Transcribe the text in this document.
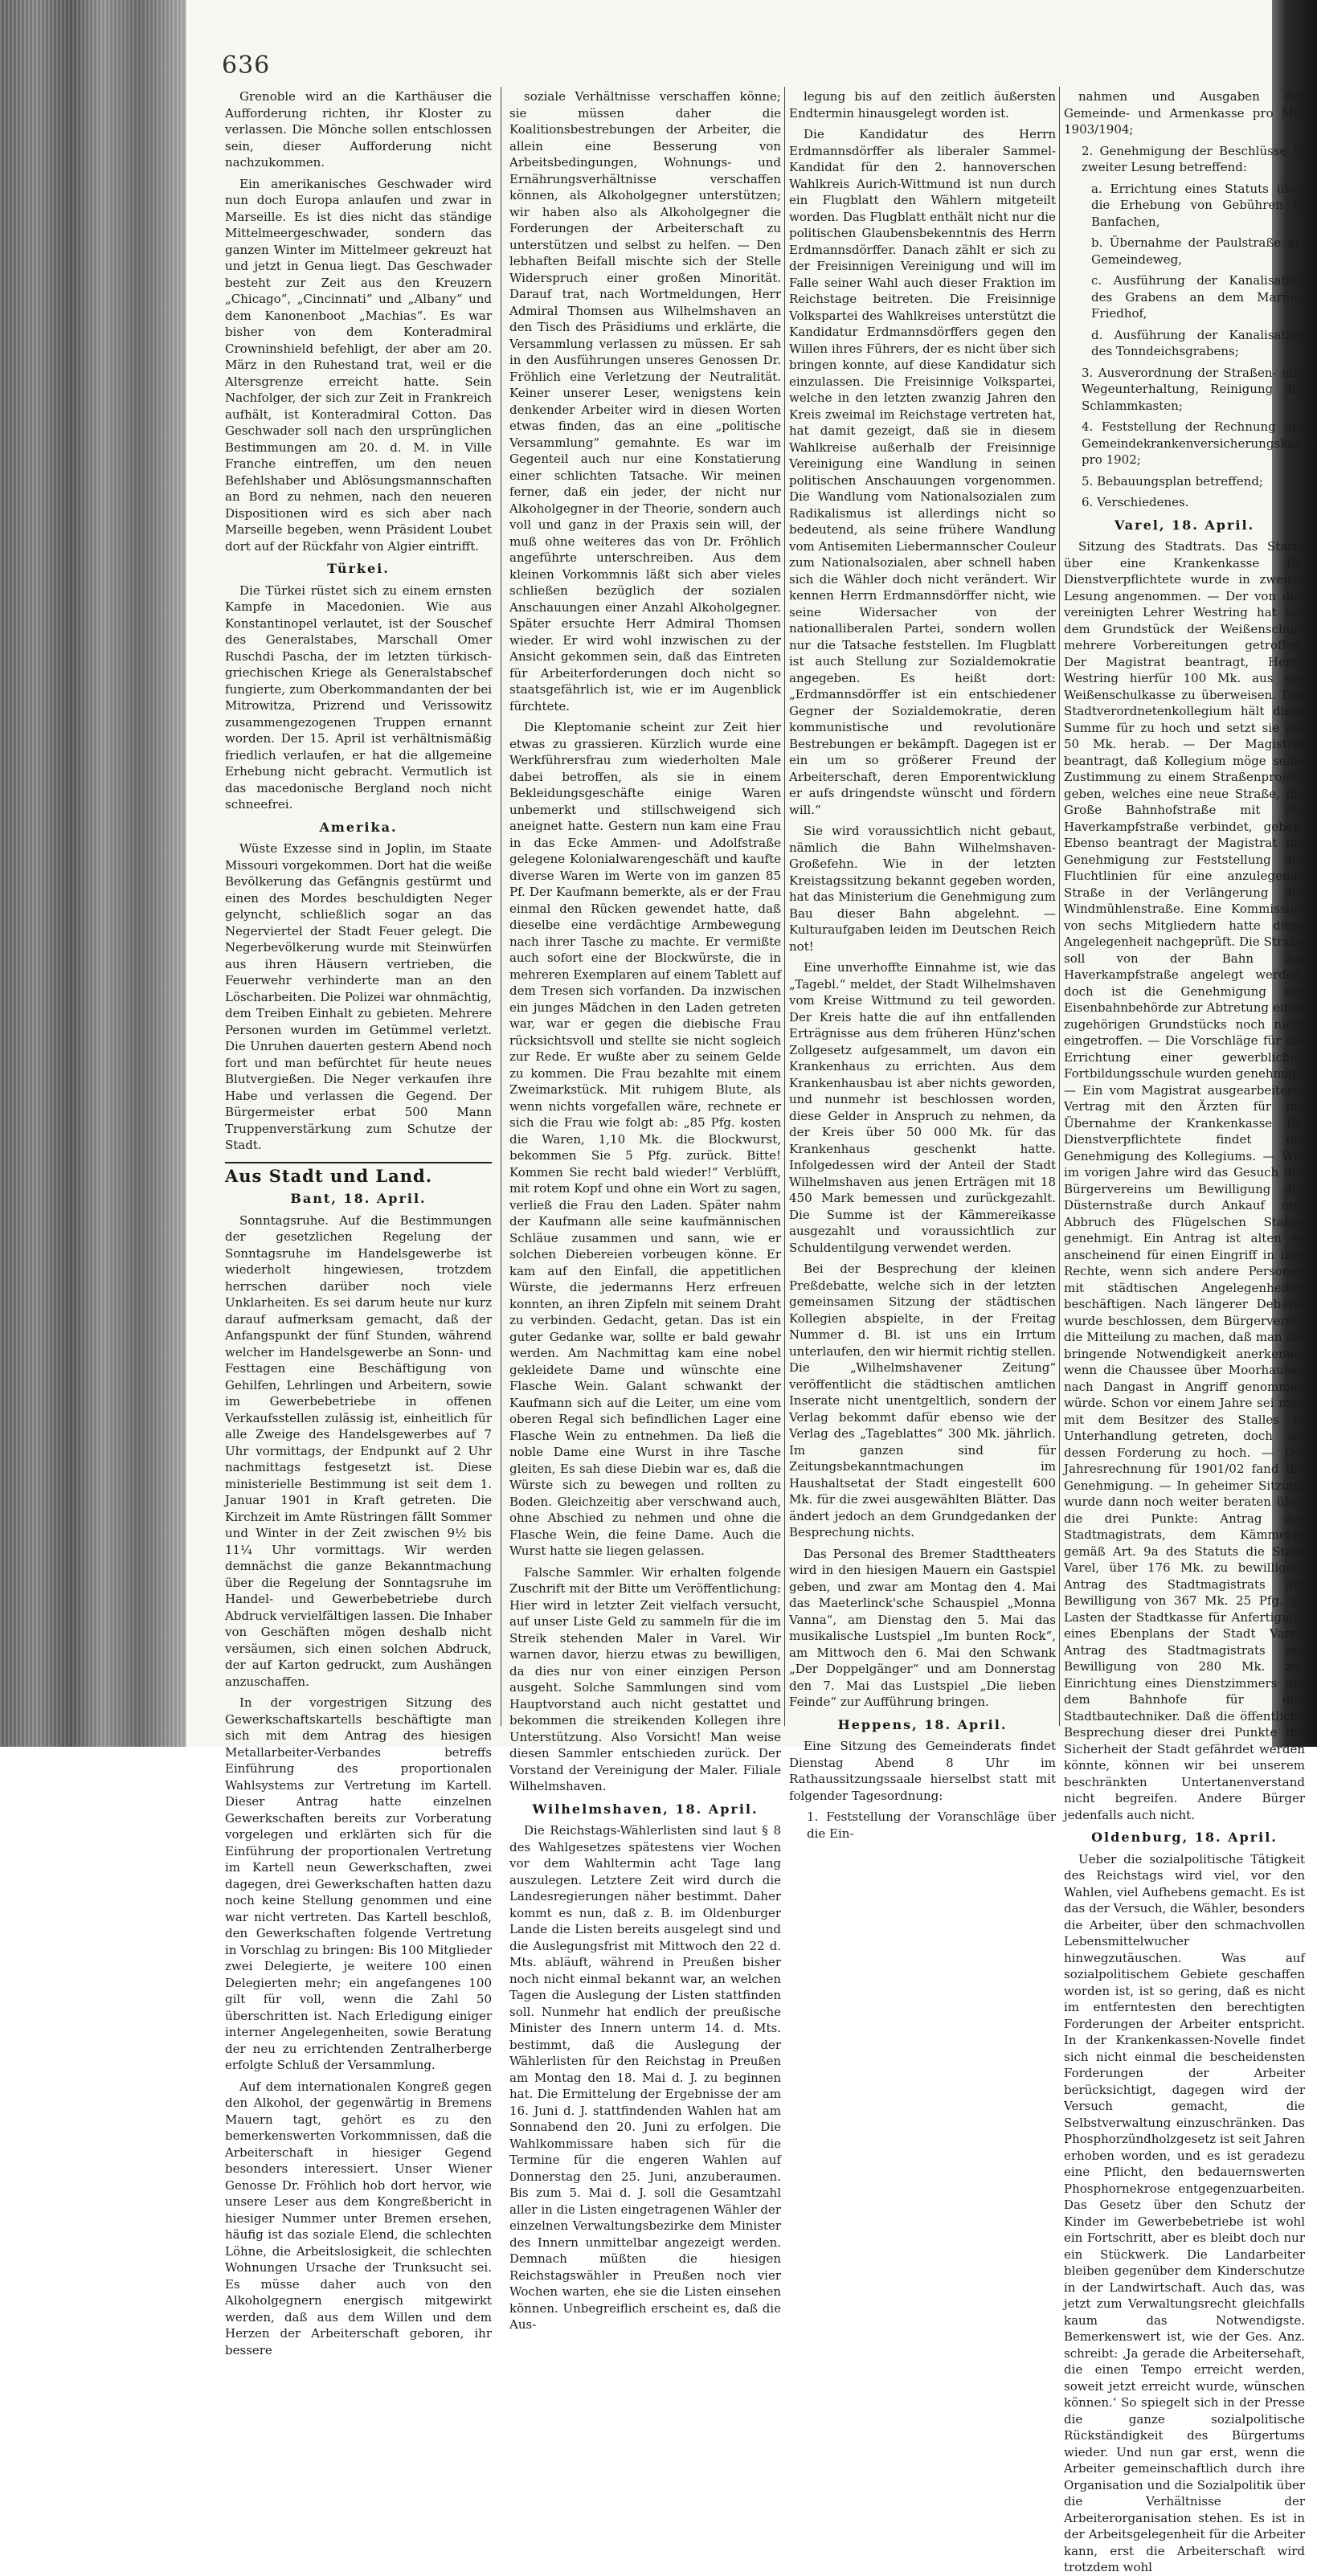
636

Grenoble wird an die Karthäuser die Aufforderung richten, ihr Kloster zu verlassen. Die Mönche sollen entschlossen sein, dieser Aufforderung nicht nachzukommen.

Ein amerikanisches Geschwader wird nun doch Europa anlaufen und zwar in Marseille. Es ist dies nicht das ständige Mittelmeergeschwader, sondern das ganzen Winter im Mittelmeer gekreuzt hat und jetzt in Genua liegt. Das Geschwader besteht zur Zeit aus den Kreuzern „Chicago“, „Cincinnati“ und „Albany“ und dem Kanonenboot „Machias“. Es war bisher von dem Konteradmiral Crowninshield befehligt, der aber am 20. März in den Ruhestand trat, weil er die Altersgrenze erreicht hatte. Sein Nachfolger, der sich zur Zeit in Frankreich aufhält, ist Konteradmiral Cotton. Das Geschwader soll nach den ursprünglichen Bestimmungen am 20. d. M. in Ville Franche eintreffen, um den neuen Befehlshaber und Ablösungsmannschaften an Bord zu nehmen, nach den neueren Dispositionen wird es sich aber nach Marseille begeben, wenn Präsident Loubet dort auf der Rückfahr von Algier eintrifft.

Türkei.

Die Türkei rüstet sich zu einem ernsten Kampfe in Macedonien. Wie aus Konstantinopel verlautet, ist der Souschef des Generalstabes, Marschall Omer Ruschdi Pascha, der im letzten türkisch-griechischen Kriege als Generalstabschef fungierte, zum Oberkommandanten der bei Mitrowitza, Prizrend und Verissowitz zusammengezogenen Truppen ernannt worden. Der 15. April ist verhältnismäßig friedlich verlaufen, er hat die allgemeine Erhebung nicht gebracht. Vermutlich ist das macedonische Bergland noch nicht schneefrei.

Amerika.

Wüste Exzesse sind in Joplin, im Staate Missouri vorgekommen. Dort hat die weiße Bevölkerung das Gefängnis gestürmt und einen des Mordes beschuldigten Neger gelyncht, schließlich sogar an das Negerviertel der Stadt Feuer gelegt. Die Negerbevölkerung wurde mit Steinwürfen aus ihren Häusern vertrieben, die Feuerwehr verhinderte man an den Löscharbeiten. Die Polizei war ohnmächtig, dem Treiben Einhalt zu gebieten. Mehrere Personen wurden im Getümmel verletzt. Die Unruhen dauerten gestern Abend noch fort und man befürchtet für heute neues Blutvergießen. Die Neger verkaufen ihre Habe und verlassen die Gegend. Der Bürgermeister erbat 500 Mann Truppenverstärkung zum Schutze der Stadt.

Aus Stadt und Land.
Bant, 18. April.

Sonntagsruhe. Auf die Bestimmungen der gesetzlichen Regelung der Sonntagsruhe im Handelsgewerbe ist wiederholt hingewiesen, trotzdem herrschen darüber noch viele Unklarheiten. Es sei darum heute nur kurz darauf aufmerksam gemacht, daß der Anfangspunkt der fünf Stunden, während welcher im Handelsgewerbe an Sonn- und Festtagen eine Beschäftigung von Gehilfen, Lehrlingen und Arbeitern, sowie im Gewerbebetriebe in offenen Verkaufsstellen zulässig ist, einheitlich für alle Zweige des Handelsgewerbes auf 7 Uhr vormittags, der Endpunkt auf 2 Uhr nachmittags festgesetzt ist. Diese ministerielle Bestimmung ist seit dem 1. Januar 1901 in Kraft getreten. Die Kirchzeit im Amte Rüstringen fällt Sommer und Winter in der Zeit zwischen 9½ bis 11¼ Uhr vormittags. Wir werden demnächst die ganze Bekanntmachung über die Regelung der Sonntagsruhe im Handel- und Gewerbebetriebe durch Abdruck vervielfältigen lassen. Die Inhaber von Geschäften mögen deshalb nicht versäumen, sich einen solchen Abdruck, der auf Karton gedruckt, zum Aushängen anzuschaffen.

In der vorgestrigen Sitzung des Gewerkschaftskartells beschäftigte man sich mit dem Antrag des hiesigen Metallarbeiter-Verbandes betreffs Einführung des proportionalen Wahlsystems zur Vertretung im Kartell. Dieser Antrag hatte einzelnen Gewerkschaften bereits zur Vorberatung vorgelegen und erklärten sich für die Einführung der proportionalen Vertretung im Kartell neun Gewerkschaften, zwei dagegen, drei Gewerkschaften hatten dazu noch keine Stellung genommen und eine war nicht vertreten. Das Kartell beschloß, den Gewerkschaften folgende Vertretung in Vorschlag zu bringen: Bis 100 Mitglieder zwei Delegierte, je weitere 100 einen Delegierten mehr; ein angefangenes 100 gilt für voll, wenn die Zahl 50 überschritten ist. Nach Erledigung einiger interner Angelegenheiten, sowie Beratung der neu zu errichtenden Zentralherberge erfolgte Schluß der Versammlung.

Auf dem internationalen Kongreß gegen den Alkohol, der gegenwärtig in Bremens Mauern tagt, gehört es zu den bemerkenswerten Vorkommnissen, daß die Arbeiterschaft in hiesiger Gegend besonders interessiert. Unser Wiener Genosse Dr. Fröhlich hob dort hervor, wie unsere Leser aus dem Kongreßbericht in hiesiger Nummer unter Bremen ersehen, häufig ist das soziale Elend, die schlechten Löhne, die Arbeitslosigkeit, die schlechten Wohnungen Ursache der Trunksucht sei. Es müsse daher auch von den Alkoholgegnern energisch mitgewirkt werden, daß aus dem Willen und dem Herzen der Arbeiterschaft geboren, ihr bessere

soziale Verhältnisse verschaffen könne; sie müssen daher die Koalitionsbestrebungen der Arbeiter, die allein eine Besserung von Arbeitsbedingungen, Wohnungs- und Ernährungsverhältnisse verschaffen können, als Alkoholgegner unterstützen; wir haben also als Alkoholgegner die Forderungen der Arbeiterschaft zu unterstützen und selbst zu helfen. — Den lebhaften Beifall mischte sich der Stelle Widerspruch einer großen Minorität. Darauf trat, nach Wortmeldungen, Herr Admiral Thomsen aus Wilhelmshaven an den Tisch des Präsidiums und erklärte, die Versammlung verlassen zu müssen. Er sah in den Ausführungen unseres Genossen Dr. Fröhlich eine Verletzung der Neutralität. Keiner unserer Leser, wenigstens kein denkender Arbeiter wird in diesen Worten etwas finden, das an eine „politische Versammlung“ gemahnte. Es war im Gegenteil auch nur eine Konstatierung einer schlichten Tatsache. Wir meinen ferner, daß ein jeder, der nicht nur Alkoholgegner in der Theorie, sondern auch voll und ganz in der Praxis sein will, der muß ohne weiteres das von Dr. Fröhlich angeführte unterschreiben. Aus dem kleinen Vorkommnis läßt sich aber vieles schließen bezüglich der sozialen Anschauungen einer Anzahl Alkoholgegner. Später ersuchte Herr Admiral Thomsen wieder. Er wird wohl inzwischen zu der Ansicht gekommen sein, daß das Eintreten für Arbeiterforderungen doch nicht so staatsgefährlich ist, wie er im Augenblick fürchtete.

Die Kleptomanie scheint zur Zeit hier etwas zu grassieren. Kürzlich wurde eine Werkführersfrau zum wiederholten Male dabei betroffen, als sie in einem Bekleidungsgeschäfte einige Waren unbemerkt und stillschweigend sich aneignet hatte. Gestern nun kam eine Frau in das Ecke Ammen- und Adolfstraße gelegene Kolonialwarengeschäft und kaufte diverse Waren im Werte von im ganzen 85 Pf. Der Kaufmann bemerkte, als er der Frau einmal den Rücken gewendet hatte, daß dieselbe eine verdächtige Armbewegung nach ihrer Tasche zu machte. Er vermißte auch sofort eine der Blockwürste, die in mehreren Exemplaren auf einem Tablett auf dem Tresen sich vorfanden. Da inzwischen ein junges Mädchen in den Laden getreten war, war er gegen die diebische Frau rücksichtsvoll und stellte sie nicht sogleich zur Rede. Er wußte aber zu seinem Gelde zu kommen. Die Frau bezahlte mit einem Zweimarkstück. Mit ruhigem Blute, als wenn nichts vorgefallen wäre, rechnete er sich die Frau wie folgt ab: „85 Pfg. kosten die Waren, 1,10 Mk. die Blockwurst, bekommen Sie 5 Pfg. zurück. Bitte! Kommen Sie recht bald wieder!“ Verblüfft, mit rotem Kopf und ohne ein Wort zu sagen, verließ die Frau den Laden. Später nahm der Kaufmann alle seine kaufmännischen Schläue zusammen und sann, wie er solchen Diebereien vorbeugen könne. Er kam auf den Einfall, die appetitlichen Würste, die jedermanns Herz erfreuen konnten, an ihren Zipfeln mit seinem Draht zu verbinden. Gedacht, getan. Das ist ein guter Gedanke war, sollte er bald gewahr werden. Am Nachmittag kam eine nobel gekleidete Dame und wünschte eine Flasche Wein. Galant schwankt der Kaufmann sich auf die Leiter, um eine vom oberen Regal sich befindlichen Lager eine Flasche Wein zu entnehmen. Da ließ die noble Dame eine Wurst in ihre Tasche gleiten, Es sah diese Diebin war es, daß die Würste sich zu bewegen und rollten zu Boden. Gleichzeitig aber verschwand auch, ohne Abschied zu nehmen und ohne die Flasche Wein, die feine Dame. Auch die Wurst hatte sie liegen gelassen.

Falsche Sammler. Wir erhalten folgende Zuschrift mit der Bitte um Veröffentlichung: Hier wird in letzter Zeit vielfach versucht, auf unser Liste Geld zu sammeln für die im Streik stehenden Maler in Varel. Wir warnen davor, hierzu etwas zu bewilligen, da dies nur von einer einzigen Person ausgeht. Solche Sammlungen sind vom Hauptvorstand auch nicht gestattet und bekommen die streikenden Kollegen ihre Unterstützung. Also Vorsicht! Man weise diesen Sammler entschieden zurück. Der Vorstand der Vereinigung der Maler. Filiale Wilhelmshaven.

Wilhelmshaven, 18. April.

Die Reichstags-Wählerlisten sind laut § 8 des Wahlgesetzes spätestens vier Wochen vor dem Wahltermin acht Tage lang auszulegen. Letztere Zeit wird durch die Landesregierungen näher bestimmt. Daher kommt es nun, daß z. B. im Oldenburger Lande die Listen bereits ausgelegt sind und die Auslegungsfrist mit Mittwoch den 22 d. Mts. abläuft, während in Preußen bisher noch nicht einmal bekannt war, an welchen Tagen die Auslegung der Listen stattfinden soll. Nunmehr hat endlich der preußische Minister des Innern unterm 14. d. Mts. bestimmt, daß die Auslegung der Wählerlisten für den Reichstag in Preußen am Montag den 18. Mai d. J. zu beginnen hat. Die Ermittelung der Ergebnisse der am 16. Juni d. J. stattfindenden Wahlen hat am Sonnabend den 20. Juni zu erfolgen. Die Wahlkommissare haben sich für die Termine für die engeren Wahlen auf Donnerstag den 25. Juni, anzuberaumen. Bis zum 5. Mai d. J. soll die Gesamtzahl aller in die Listen eingetragenen Wähler der einzelnen Verwaltungsbezirke dem Minister des Innern unmittelbar angezeigt werden. Demnach müßten die hiesigen Reichstagswähler in Preußen noch vier Wochen warten, ehe sie die Listen einsehen können. Unbegreiflich erscheint es, daß die Aus-

legung bis auf den zeitlich äußersten Endtermin hinausgelegt worden ist.

Die Kandidatur des Herrn Erdmannsdörffer als liberaler Sammel-Kandidat für den 2. hannoverschen Wahlkreis Aurich-Wittmund ist nun durch ein Flugblatt den Wählern mitgeteilt worden. Das Flugblatt enthält nicht nur die politischen Glaubensbekenntnis des Herrn Erdmannsdörffer. Danach zählt er sich zu der Freisinnigen Vereinigung und will im Falle seiner Wahl auch dieser Fraktion im Reichstage beitreten. Die Freisinnige Volkspartei des Wahlkreises unterstützt die Kandidatur Erdmannsdörffers gegen den Willen ihres Führers, der es nicht über sich bringen konnte, auf diese Kandidatur sich einzulassen. Die Freisinnige Volkspartei, welche in den letzten zwanzig Jahren den Kreis zweimal im Reichstage vertreten hat, hat damit gezeigt, daß sie in diesem Wahlkreise außerhalb der Freisinnige Vereinigung eine Wandlung in seinen politischen Anschauungen vorgenommen. Die Wandlung vom Nationalsozialen zum Radikalismus ist allerdings nicht so bedeutend, als seine frühere Wandlung vom Antisemiten Liebermannscher Couleur zum Nationalsozialen, aber schnell haben sich die Wähler doch nicht verändert. Wir kennen Herrn Erdmannsdörffer nicht, wie seine Widersacher von der nationalliberalen Partei, sondern wollen nur die Tatsache feststellen. Im Flugblatt ist auch Stellung zur Sozialdemokratie angegeben. Es heißt dort: „Erdmannsdörffer ist ein entschiedener Gegner der Sozialdemokratie, deren kommunistische und revolutionäre Bestrebungen er bekämpft. Dagegen ist er ein um so größerer Freund der Arbeiterschaft, deren Emporentwicklung er aufs dringendste wünscht und fördern will.“

Sie wird voraussichtlich nicht gebaut, nämlich die Bahn Wilhelmshaven-Großefehn. Wie in der letzten Kreistagssitzung bekannt gegeben worden, hat das Ministerium die Genehmigung zum Bau dieser Bahn abgelehnt. — Kulturaufgaben leiden im Deutschen Reich not!

Eine unverhoffte Einnahme ist, wie das „Tagebl.“ meldet, der Stadt Wilhelmshaven vom Kreise Wittmund zu teil geworden. Der Kreis hatte die auf ihn entfallenden Erträgnisse aus dem früheren Hünz'schen Zollgesetz aufgesammelt, um davon ein Krankenhaus zu errichten. Aus dem Krankenhausbau ist aber nichts geworden, und nunmehr ist beschlossen worden, diese Gelder in Anspruch zu nehmen, da der Kreis über 50 000 Mk. für das Krankenhaus geschenkt hatte. Infolgedessen wird der Anteil der Stadt Wilhelmshaven aus jenen Erträgen mit 18 450 Mark bemessen und zurückgezahlt. Die Summe ist der Kämmereikasse ausgezahlt und voraussichtlich zur Schuldentilgung verwendet werden.

Bei der Besprechung der kleinen Preßdebatte, welche sich in der letzten gemeinsamen Sitzung der städtischen Kollegien abspielte, in der Freitag Nummer d. Bl. ist uns ein Irrtum unterlaufen, den wir hiermit richtig stellen. Die „Wilhelmshavener Zeitung“ veröffentlicht die städtischen amtlichen Inserate nicht unentgeltlich, sondern der Verlag bekommt dafür ebenso wie der Verlag des „Tageblattes“ 300 Mk. jährlich. Im ganzen sind für Zeitungsbekanntmachungen im Haushaltsetat der Stadt eingestellt 600 Mk. für die zwei ausgewählten Blätter. Das ändert jedoch an dem Grundgedanken der Besprechung nichts.

Das Personal des Bremer Stadttheaters wird in den hiesigen Mauern ein Gastspiel geben, und zwar am Montag den 4. Mai das Maeterlinck'sche Schauspiel „Monna Vanna“, am Dienstag den 5. Mai das musikalische Lustspiel „Im bunten Rock“, am Mittwoch den 6. Mai den Schwank „Der Doppelgänger“ und am Donnerstag den 7. Mai das Lustspiel „Die lieben Feinde“ zur Aufführung bringen.

Heppens, 18. April.

Eine Sitzung des Gemeinderats findet Dienstag Abend 8 Uhr im Rathaussitzungssaale hierselbst statt mit folgender Tagesordnung:

1. Feststellung der Voranschläge über die Ein-

nahmen und Ausgaben der Gemeinde- und Armenkasse pro Mai 1903/1904;

2. Genehmigung der Beschlüsse in zweiter Lesung betreffend:

a. Errichtung eines Statuts über die Erhebung von Gebühren in Banfachen,

b. Übernahme der Paulstraße als Gemeindeweg,

c. Ausführung der Kanalisation des Grabens an dem Marine-Friedhof,

d. Ausführung der Kanalisation des Tonndeichsgrabens;

3. Ausverordnung der Straßen- und Wegeunterhaltung, Reinigung der Schlammkasten;

4. Feststellung der Rechnung der Gemeindekrankenversicherungskasse pro 1902;

5. Bebauungsplan betreffend;

6. Verschiedenes.

Varel, 18. April.

Sitzung des Stadtrats. Das Statut über eine Krankenkasse für Dienstverpflichtete wurde in zweiter Lesung angenommen. — Der von den vereinigten Lehrer Westring hat auf dem Grundstück der Weißenschule mehrere Vorbereitungen getroffen. Der Magistrat beantragt, Herrn Westring hierfür 100 Mk. aus der Weißenschulkasse zu überweisen. Das Stadtverordnetenkollegium hält diese Summe für zu hoch und setzt sie auf 50 Mk. herab. — Der Magistrat beantragt, daß Kollegium möge seine Zustimmung zu einem Straßenprojekt geben, welches eine neue Straße, die Große Bahnhofstraße mit der Haverkampfstraße verbindet, geben. Ebenso beantragt der Magistrat die Genehmigung zur Feststellung der Fluchtlinien für eine anzulegende Straße in der Verlängerung der Windmühlenstraße. Eine Kommission von sechs Mitgliedern hatte diese Angelegenheit nachgeprüft. Die Straße soll von der Bahn zur Haverkampfstraße angelegt werden, doch ist die Genehmigung der Eisenbahnbehörde zur Abtretung eines zugehörigen Grundstücks noch nicht eingetroffen. — Die Vorschläge für die Errichtung einer gewerblichen Fortbildungsschule wurden genehmigt. — Ein vom Magistrat ausgearbeiteter Vertrag mit den Ärzten für die Übernahme der Krankenkasse für Dienstverpflichtete findet die Genehmigung des Kollegiums. — Wie im vorigen Jahre wird das Gesuch des Bürgervereins um Bewilligung der Düsternstraße durch Ankauf und Abbruch des Flügelschen Stalles genehmigt. Ein Antrag ist alten es anscheinend für einen Eingriff in ihre Rechte, wenn sich andere Personen mit städtischen Angelegenheiten beschäftigen. Nach längerer Debatte wurde beschlossen, dem Bürgerverein die Mitteilung zu machen, daß man die bringende Notwendigkeit anerkenne, wenn die Chaussee über Moorhausen nach Dangast in Angriff genommen würde. Schon vor einem Jahre sei man mit dem Besitzer des Stalles in Unterhandlung getreten, doch sei dessen Forderung zu hoch. — Die Jahresrechnung für 1901/02 fand die Genehmigung. — In geheimer Sitzung wurde dann noch weiter beraten über die drei Punkte: Antrag des Stadtmagistrats, dem Kämmerer gemäß Art. 9a des Statuts die Stadt Varel, über 176 Mk. zu bewilligen. Antrag des Stadtmagistrats auf Bewilligung von 367 Mk. 25 Pfg. zu Lasten der Stadtkasse für Anfertigung eines Ebenplans der Stadt Varel. Antrag des Stadtmagistrats auf Bewilligung von 280 Mk. zur Einrichtung eines Dienstzimmers auf dem Bahnhofe für den Stadtbautechniker. Daß die öffentliche Besprechung dieser drei Punkte die Sicherheit der Stadt gefährdet werden könnte, können wir bei unserem beschränkten Untertanenverstand nicht begreifen. Andere Bürger jedenfalls auch nicht.

Oldenburg, 18. April.

Ueber die sozialpolitische Tätigkeit des Reichstags wird viel, vor den Wahlen, viel Aufhebens gemacht. Es ist das der Versuch, die Wähler, besonders die Arbeiter, über den schmachvollen Lebensmittelwucher hinwegzutäuschen. Was auf sozialpolitischem Gebiete geschaffen worden ist, ist so gering, daß es nicht im entferntesten den berechtigten Forderungen der Arbeiter entspricht. In der Krankenkassen-Novelle findet sich nicht einmal die bescheidensten Forderungen der Arbeiter berücksichtigt, dagegen wird der Versuch gemacht, die Selbstverwaltung einzuschränken. Das Phosphorzündholzgesetz ist seit Jahren erhoben worden, und es ist geradezu eine Pflicht, den bedauernswerten Phosphornekrose entgegenzuarbeiten. Das Gesetz über den Schutz der Kinder im Gewerbebetriebe ist wohl ein Fortschritt, aber es bleibt doch nur ein Stückwerk. Die Landarbeiter bleiben gegenüber dem Kinderschutze in der Landwirtschaft. Auch das, was jetzt zum Verwaltungsrecht gleichfalls kaum das Notwendigste. Bemerkenswert ist, wie der Ges. Anz. schreibt: ‚Ja gerade die Arbeitersehaft, die einen Tempo erreicht werden, soweit jetzt erreicht wurde, wünschen können.‘ So spiegelt sich in der Presse die ganze sozialpolitische Rückständigkeit des Bürgertums wieder. Und nun gar erst, wenn die Arbeiter gemeinschaftlich durch ihre Organisation und die Sozialpolitik über die Verhältnisse der Arbeiterorganisation stehen. Es ist in der Arbeitsgelegenheit für die Arbeiter kann, erst die Arbeiterschaft wird trotzdem wohl
